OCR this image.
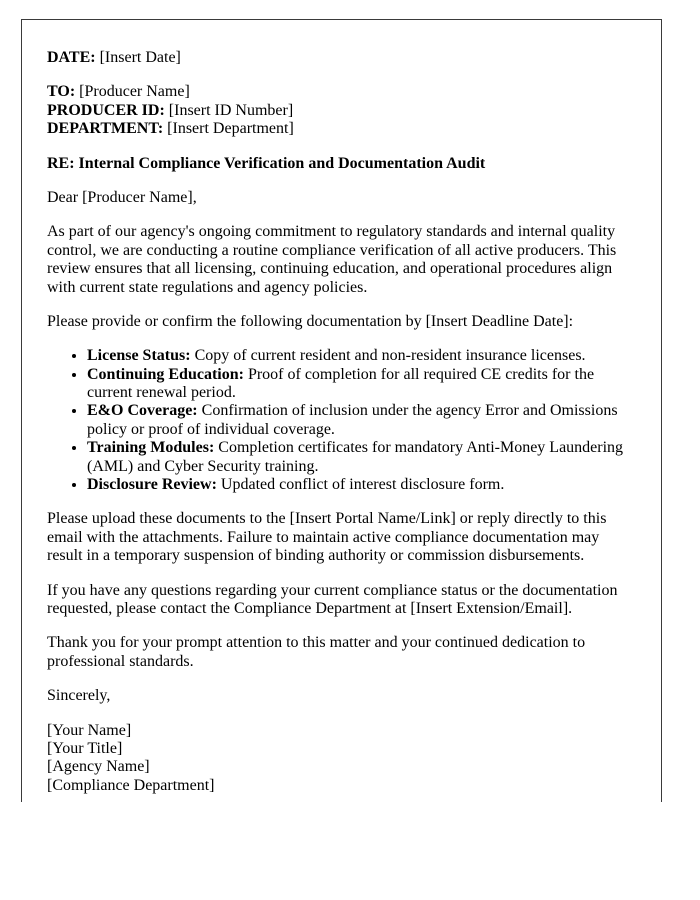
DATE: [Insert Date]

TO: [Producer Name]
PRODUCER ID: [Insert ID Number]
DEPARTMENT: [Insert Department]

RE: Internal Compliance Verification and Documentation Audit

Dear [Producer Name],

As part of our agency's ongoing commitment to regulatory standards and internal quality control, we are conducting a routine compliance verification of all active producers. This review ensures that all licensing, continuing education, and operational procedures align with current state regulations and agency policies.

Please provide or confirm the following documentation by [Insert Deadline Date]:

• License Status: Copy of current resident and non-resident insurance licenses.
• Continuing Education: Proof of completion for all required CE credits for the current renewal period.
• E&O Coverage: Confirmation of inclusion under the agency Error and Omissions policy or proof of individual coverage.
• Training Modules: Completion certificates for mandatory Anti-Money Laundering (AML) and Cyber Security training.
• Disclosure Review: Updated conflict of interest disclosure form.

Please upload these documents to the [Insert Portal Name/Link] or reply directly to this email with the attachments. Failure to maintain active compliance documentation may result in a temporary suspension of binding authority or commission disbursements.

If you have any questions regarding your current compliance status or the documentation requested, please contact the Compliance Department at [Insert Extension/Email].

Thank you for your prompt attention to this matter and your continued dedication to professional standards.

Sincerely,

[Your Name]
[Your Title]
[Agency Name]
[Compliance Department]
